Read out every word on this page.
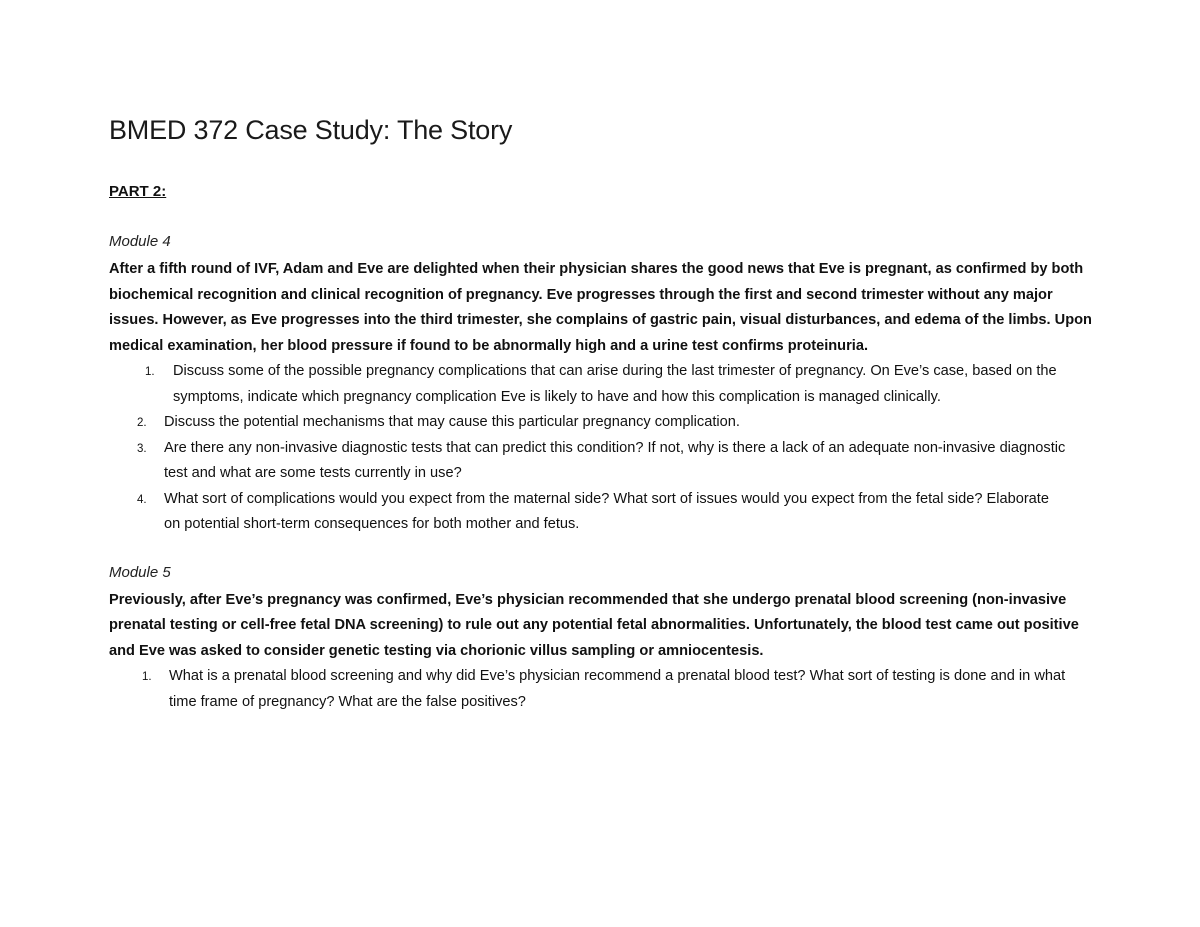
BMED 372 Case Study: The Story
PART 2:
Module 4

After a fifth round of IVF, Adam and Eve are delighted when their physician shares the good news that Eve is pregnant, as confirmed by both biochemical recognition and clinical recognition of pregnancy. Eve progresses through the first and second trimester without any major issues. However, as Eve progresses into the third trimester, she complains of gastric pain, visual disturbances, and edema of the limbs. Upon medical examination, her blood pressure if found to be abnormally high and a urine test confirms proteinuria.

1. Discuss some of the possible pregnancy complications that can arise during the last trimester of pregnancy. On Eve’s case, based on the symptoms, indicate which pregnancy complication Eve is likely to have and how this complication is managed clinically.
2. Discuss the potential mechanisms that may cause this particular pregnancy complication.
3. Are there any non-invasive diagnostic tests that can predict this condition? If not, why is there a lack of an adequate non-invasive diagnostic test and what are some tests currently in use?
4. What sort of complications would you expect from the maternal side? What sort of issues would you expect from the fetal side? Elaborate on potential short-term consequences for both mother and fetus.
Module 5

Previously, after Eve’s pregnancy was confirmed, Eve’s physician recommended that she undergo prenatal blood screening (non-invasive prenatal testing or cell-free fetal DNA screening) to rule out any potential fetal abnormalities. Unfortunately, the blood test came out positive and Eve was asked to consider genetic testing via chorionic villus sampling or amniocentesis.

1. What is a prenatal blood screening and why did Eve’s physician recommend a prenatal blood test? What sort of testing is done and in what time frame of pregnancy? What are the false positives?
